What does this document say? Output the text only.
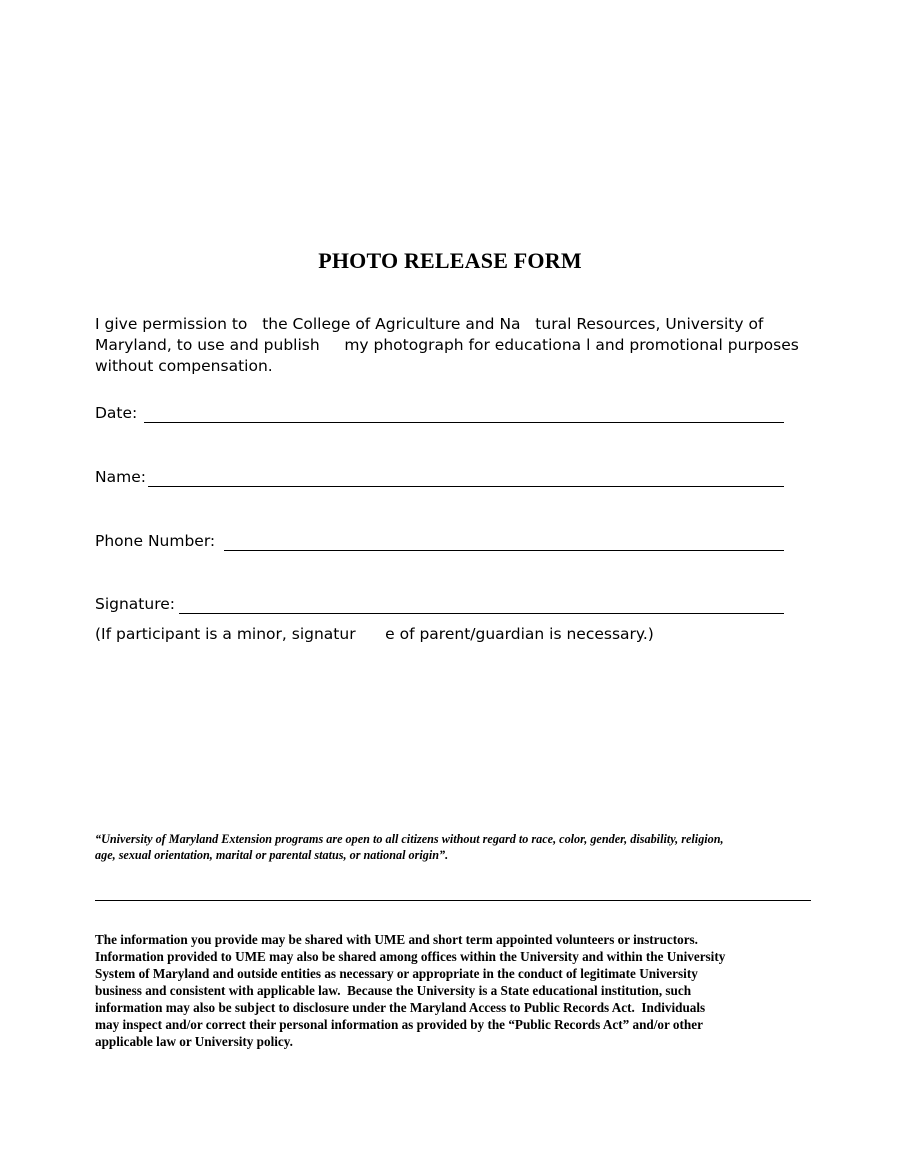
PHOTO RELEASE FORM

I give permission to   the College of Agriculture and Na   tural Resources, University of
Maryland, to use and publish     my photograph for educationa l and promotional purposes
without compensation.

Date:
Name:
Phone Number:
Signature:
(If participant is a minor, signatur      e of parent/guardian is necessary.)

“University of Maryland Extension programs are open to all citizens without regard to race, color, gender, disability, religion,
age, sexual orientation, marital or parental status, or national origin”.

The information you provide may be shared with UME and short term appointed volunteers or instructors.
Information provided to UME may also be shared among offices within the University and within the University
System of Maryland and outside entities as necessary or appropriate in the conduct of legitimate University
business and consistent with applicable law.  Because the University is a State educational institution, such
information may also be subject to disclosure under the Maryland Access to Public Records Act.  Individuals
may inspect and/or correct their personal information as provided by the “Public Records Act” and/or other
applicable law or University policy.
